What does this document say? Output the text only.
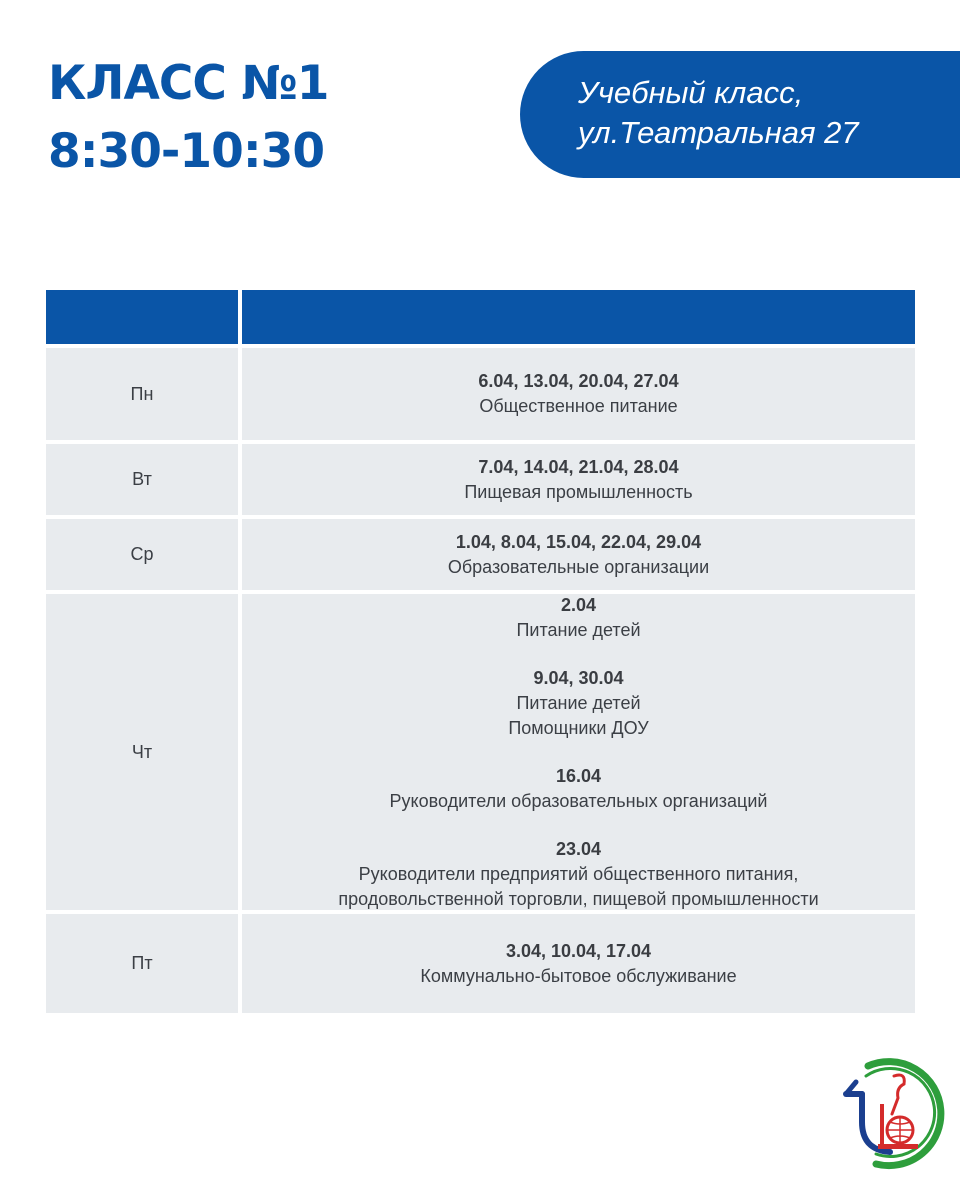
КЛАСС №1
8:30-10:30
Учебный класс,
ул.Театральная 27
Пн
6.04, 13.04, 20.04, 27.04
Общественное питание
Вт
7.04, 14.04, 21.04, 28.04
Пищевая промышленность
Ср
1.04, 8.04, 15.04, 22.04, 29.04
Образовательные организации
Чт
2.04
Питание детей
9.04, 30.04
Питание детей
Помощники ДОУ
16.04
Руководители образовательных организаций
23.04
Руководители предприятий общественного питания,
продовольственной торговли, пищевой промышленности
Пт
3.04, 10.04, 17.04
Коммунально-бытовое обслуживание
